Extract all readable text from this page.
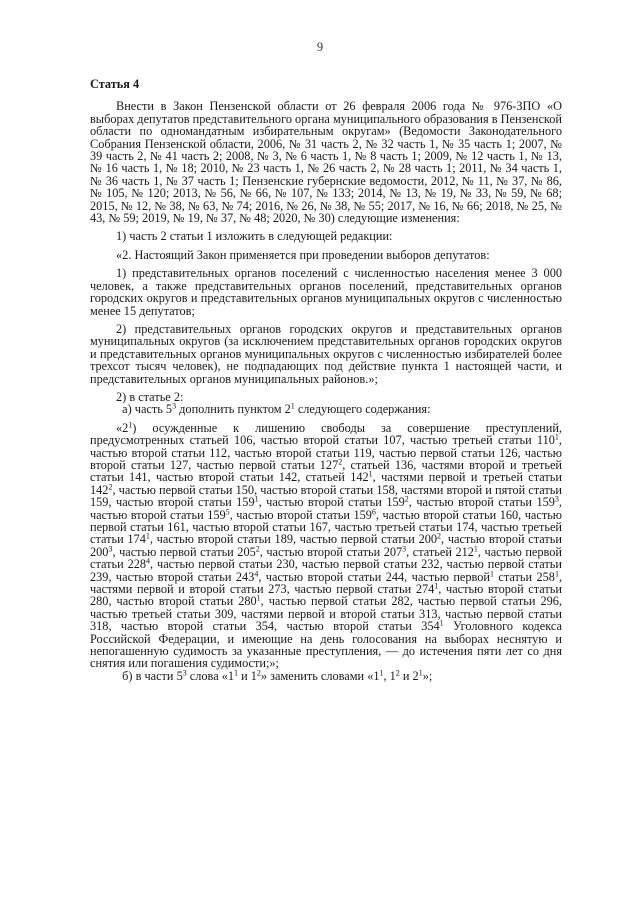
9

Статья 4

Внести в Закон Пензенской области от 26 февраля 2006 года № 976-ЗПО «О выборах депутатов представительного органа муниципального образования в Пензенской области по одномандатным избирательным округам» (Ведомости Законодательного Собрания Пензенской области, 2006, № 31 часть 2, № 32 часть 1, № 35 часть 1; 2007, № 39 часть 2, № 41 часть 2; 2008, № 3, № 6 часть 1, № 8 часть 1; 2009, № 12 часть 1, № 13, № 16 часть 1, № 18; 2010, № 23 часть 1, № 26 часть 2, № 28 часть 1; 2011, № 34 часть 1, № 36 часть 1, № 37 часть 1; Пензенские губернские ведомости, 2012, № 11, № 37, № 86, № 105, № 120; 2013, № 56, № 66, № 107, № 133; 2014, № 13, № 19, № 33, № 59, № 68; 2015, № 12, № 38, № 63, № 74; 2016, № 26, № 38, № 55; 2017, № 16, № 66; 2018, № 25, № 43, № 59; 2019, № 19, № 37, № 48; 2020, № 30) следующие изменения:

1) часть 2 статьи 1 изложить в следующей редакции:

«2. Настоящий Закон применяется при проведении выборов депутатов:

1) представительных органов поселений с численностью населения менее 3 000 человек, а также представительных органов поселений, представительных органов городских округов и представительных органов муниципальных округов с численностью менее 15 депутатов;

2) представительных органов городских округов и представительных органов муниципальных округов (за исключением представительных органов городских округов и представительных органов муниципальных округов с численностью избирателей более трехсот тысяч человек), не подпадающих под действие пункта 1 настоящей части, и представительных органов муниципальных районов.»;

2) в статье 2:

а) часть $5^3$ дополнить пунктом $2^1$ следующего содержания:

«$2^1$) осужденные к лишению свободы за совершение преступлений, предусмотренных статьей 106, частью второй статьи 107, частью третьей статьи $110^1$, частью второй статьи 112, частью второй статьи 119, частью первой статьи 126, частью второй статьи 127, частью первой статьи $127^2$, статьей 136, частями второй и третьей статьи 141, частью второй статьи 142, статьей $142^1$, частями первой и третьей статьи $142^2$, частью первой статьи 150, частью второй статьи 158, частями второй и пятой статьи 159, частью второй статьи $159^1$, частью второй статьи $159^2$, частью второй статьи $159^3$, частью второй статьи $159^5$, частью второй статьи $159^6$, частью второй статьи 160, частью первой статьи 161, частью второй статьи 167, частью третьей статьи 174, частью третьей статьи $174^1$, частью второй статьи 189, частью первой статьи $200^2$, частью второй статьи $200^3$, частью первой статьи $205^2$, частью второй статьи $207^3$, статьей $212^1$, частью первой статьи $228^4$, частью первой статьи 230, частью первой статьи 232, частью первой статьи 239, частью второй статьи $243^4$, частью второй статьи 244, частью первой$^1$ статьи $258^1$, частями первой и второй статьи 273, частью первой статьи $274^1$, частью второй статьи 280, частью второй статьи $280^1$, частью первой статьи 282, частью первой статьи 296, частью третьей статьи 309, частями первой и второй статьи 313, частью первой статьи 318, частью второй статьи 354, частью второй статьи $354^1$ Уголовного кодекса Российской Федерации, и имеющие на день голосования на выборах неснятую и непогашенную судимость за указанные преступления, — до истечения пяти лет со дня снятия или погашения судимости;»;

б) в части $5^3$ слова «$1^1$ и $1^2$» заменить словами «$1^1$, $1^2$ и $2^1$»;
